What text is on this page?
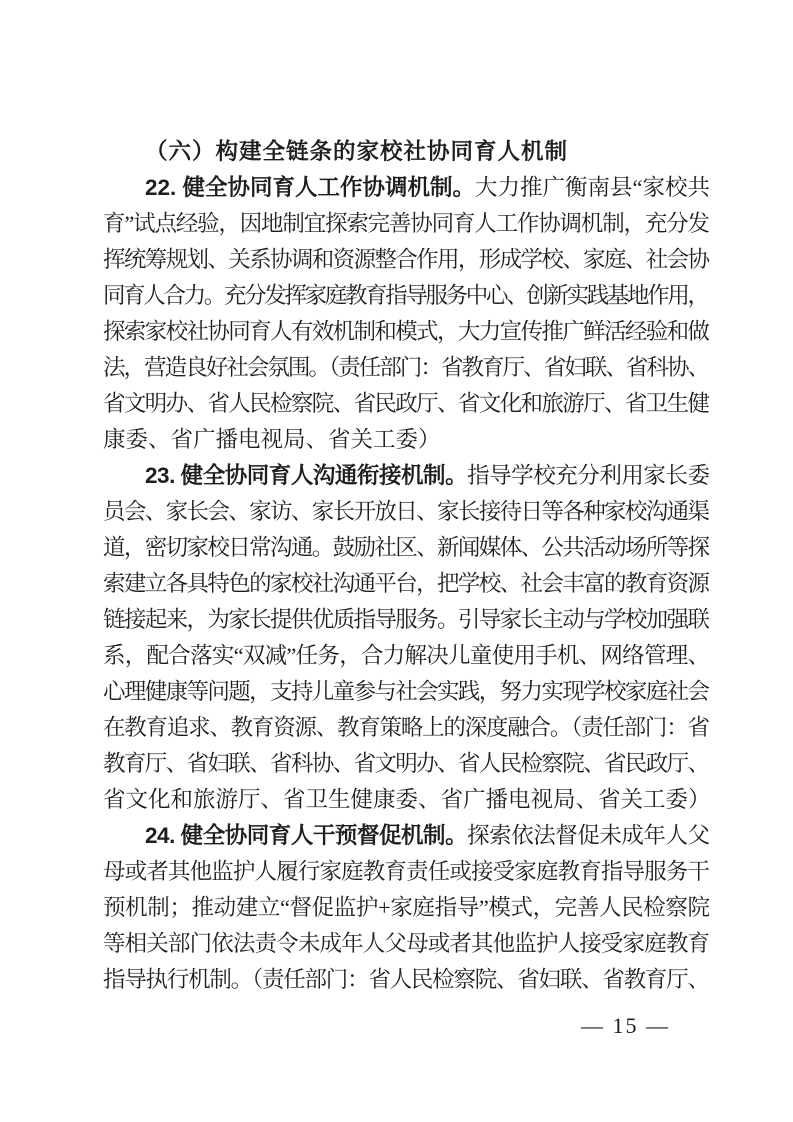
（六）构建全链条的家校社协同育人机制
22. 健全协同育人工作协调机制。大力推广衡南县“家校共
育”试点经验，因地制宜探索完善协同育人工作协调机制，充分发
挥统筹规划、关系协调和资源整合作用，形成学校、家庭、社会协
同育人合力。充分发挥家庭教育指导服务中心、创新实践基地作用，
探索家校社协同育人有效机制和模式，大力宣传推广鲜活经验和做
法，营造良好社会氛围。（责任部门：省教育厅、省妇联、省科协、
省文明办、省人民检察院、省民政厅、省文化和旅游厅、省卫生健
康委、省广播电视局、省关工委）
23. 健全协同育人沟通衔接机制。指导学校充分利用家长委
员会、家长会、家访、家长开放日、家长接待日等各种家校沟通渠
道，密切家校日常沟通。鼓励社区、新闻媒体、公共活动场所等探
索建立各具特色的家校社沟通平台，把学校、社会丰富的教育资源
链接起来，为家长提供优质指导服务。引导家长主动与学校加强联
系，配合落实“双减”任务，合力解决儿童使用手机、网络管理、
心理健康等问题，支持儿童参与社会实践，努力实现学校家庭社会
在教育追求、教育资源、教育策略上的深度融合。（责任部门：省
教育厅、省妇联、省科协、省文明办、省人民检察院、省民政厅、
省文化和旅游厅、省卫生健康委、省广播电视局、省关工委）
24. 健全协同育人干预督促机制。探索依法督促未成年人父
母或者其他监护人履行家庭教育责任或接受家庭教育指导服务干
预机制；推动建立“督促监护+家庭指导”模式，完善人民检察院
等相关部门依法责令未成年人父母或者其他监护人接受家庭教育
指导执行机制。（责任部门：省人民检察院、省妇联、省教育厅、
— 15 —
